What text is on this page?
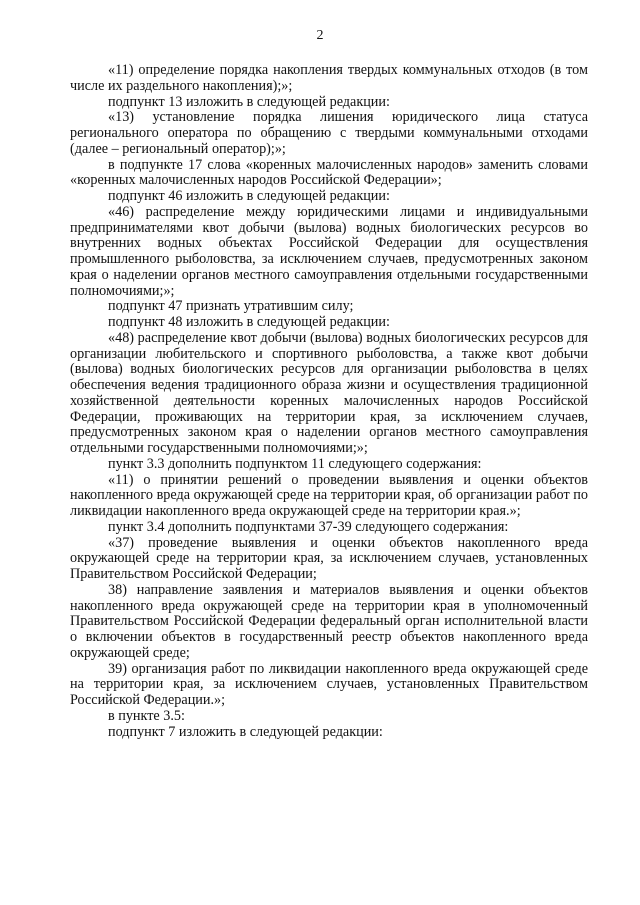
2

«11) определение порядка накопления твердых коммунальных отходов (в том числе их раздельного накопления);»;

подпункт 13 изложить в следующей редакции:

«13) установление порядка лишения юридического лица статуса регионального оператора по обращению с твердыми коммунальными отходами (далее – региональный оператор);»;

в подпункте 17 слова «коренных малочисленных народов» заменить словами «коренных малочисленных народов Российской Федерации»;

подпункт 46 изложить в следующей редакции:

«46) распределение между юридическими лицами и индивидуальными предпринимателями квот добычи (вылова) водных биологических ресурсов во внутренних водных объектах Российской Федерации для осуществления промышленного рыболовства, за исключением случаев, предусмотренных законом края о наделении органов местного самоуправления отдельными государственными полномочиями;»;

подпункт 47 признать утратившим силу;

подпункт 48 изложить в следующей редакции:

«48) распределение квот добычи (вылова) водных биологических ресурсов для организации любительского и спортивного рыболовства, а также квот добычи (вылова) водных биологических ресурсов для организации рыболовства в целях обеспечения ведения традиционного образа жизни и осуществления традиционной хозяйственной деятельности коренных малочисленных народов Российской Федерации, проживающих на территории края, за исключением случаев, предусмотренных законом края о наделении органов местного самоуправления отдельными государственными полномочиями;»;

пункт 3.3 дополнить подпунктом 11 следующего содержания:

«11) о принятии решений о проведении выявления и оценки объектов накопленного вреда окружающей среде на территории края, об организации работ по ликвидации накопленного вреда окружающей среде на территории края.»;

пункт 3.4 дополнить подпунктами 37-39 следующего содержания:

«37) проведение выявления и оценки объектов накопленного вреда окружающей среде на территории края, за исключением случаев, установленных Правительством Российской Федерации;

38) направление заявления и материалов выявления и оценки объектов накопленного вреда окружающей среде на территории края в уполномоченный Правительством Российской Федерации федеральный орган исполнительной власти о включении объектов в государственный реестр объектов накопленного вреда окружающей среде;

39) организация работ по ликвидации накопленного вреда окружающей среде на территории края, за исключением случаев, установленных Правительством Российской Федерации.»;

в пункте 3.5:

подпункт 7 изложить в следующей редакции:
